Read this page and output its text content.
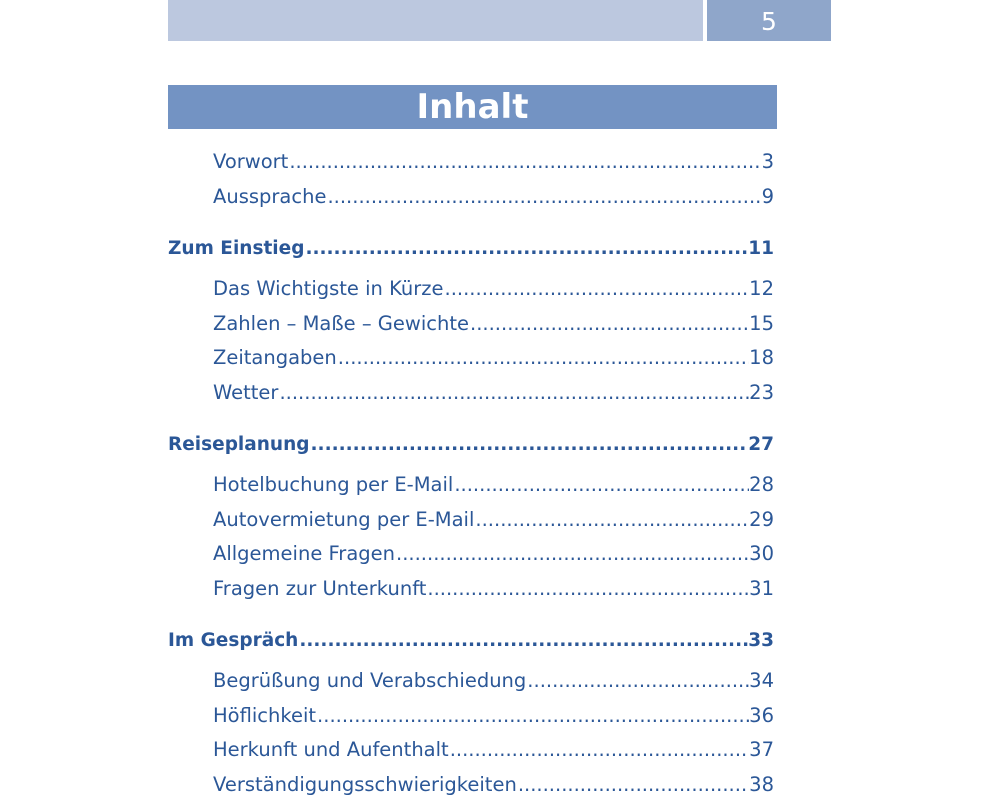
5
Inhalt
Vorwort .....	3
Aussprache .....	9
Zum Einstieg .....	11
Das Wichtigste in Kürze .....	12
Zahlen – Maße – Gewichte .....	15
Zeitangaben .....	18
Wetter .....	23
Reiseplanung .....	27
Hotelbuchung per E-Mail .....	28
Autovermietung per E-Mail .....	29
Allgemeine Fragen .....	30
Fragen zur Unterkunft .....	31
Im Gespräch .....	33
Begrüßung und Verabschiedung .....	34
Höflichkeit .....	36
Herkunft und Aufenthalt .....	37
Verständigungsschwierigkeiten .....	38
